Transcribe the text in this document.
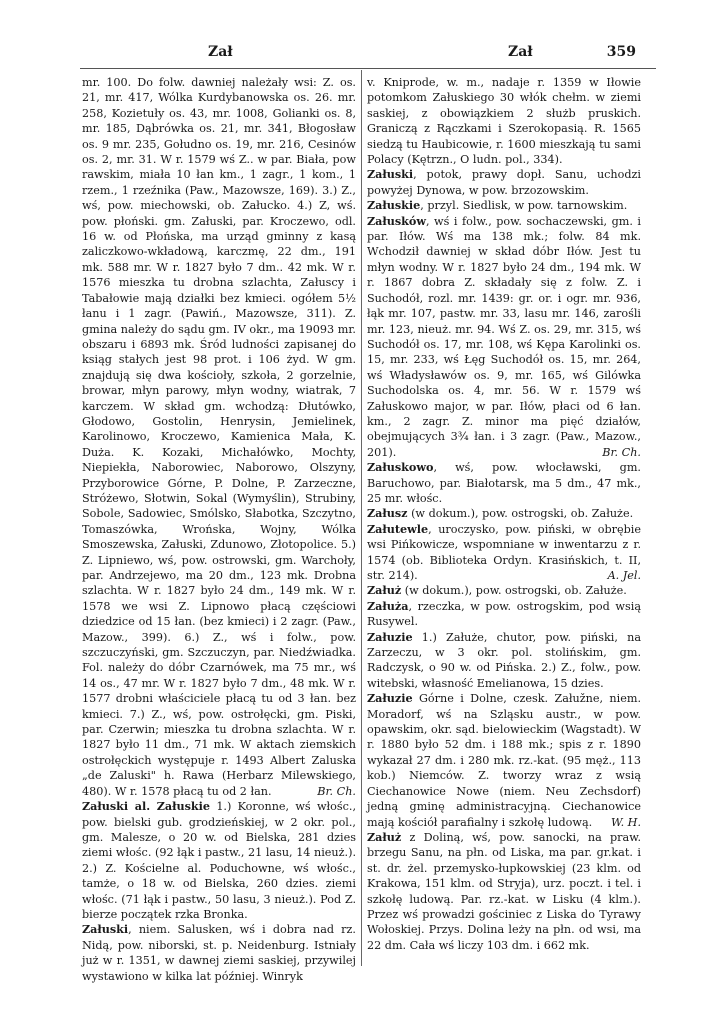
Zał	Zał	359

mr. 100. Do folw. dawniej należały wsi: Z. os. 21, mr. 417, Wólka Kurdybanowska os. 26. mr. 258, Kozietuły os. 43, mr. 1008, Golianki os. 8, mr. 185, Dąbrówka os. 21, mr. 341, Błogosław os. 9 mr. 235, Gołudno os. 19, mr. 216, Cesinów os. 2, mr. 31. W r. 1579 wś Z.. w par. Biała, pow rawskim, miała 10 łan km., 1 zagr., 1 kom., 1 rzem., 1 rzeźnika (Paw., Mazowsze, 169). 3.) Z., wś, pow. miechowski, ob. Załucko. 4.) Z, wś. pow. płoński. gm. Załuski, par. Kroczewo, odl. 16 w. od Płońska, ma urząd gminny z kasą zaliczkowo-wkładową, karczmę, 22 dm., 191 mk. 588 mr. W r. 1827 było 7 dm.. 42 mk. W r. 1576 mieszka tu drobna szlachta, Załuscy i Tabałowie mają działki bez kmieci. ogółem 5½ łanu i 1 zagr. (Pawiń., Mazowsze, 311). Z. gmina należy do sądu gm. IV okr., ma 19093 mr. obszaru i 6893 mk. Śród ludności zapisanej do ksiąg stałych jest 98 prot. i 106 żyd. W gm. znajdują się dwa kościoły, szkoła, 2 gorzelnie, browar, młyn parowy, młyn wodny, wiatrak, 7 karczem. W skład gm. wchodzą: Dłutówko, Głodowo, Gostolin, Henrysin, Jemielinek, Karolinowo, Kroczewo, Kamienica Mała, K. Duża. K. Kozaki, Michałówko, Mochty, Niepiekła, Naborowiec, Naborowo, Olszyny, Przyborowice Górne, P. Dolne, P. Zarzeczne, Stróżewo, Słotwin, Sokal (Wymyślin), Strubiny, Sobole, Sadowiec, Smólsko, Słabotka, Szczytno, Tomaszówka, Wrońska, Wojny, Wólka Smoszewska, Załuski, Zdunowo, Złotopolice. 5.) Z. Lipniewo, wś, pow. ostrowski, gm. Warchoły, par. Andrzejewo, ma 20 dm., 123 mk. Drobna szlachta. W r. 1827 było 24 dm., 149 mk. W r. 1578 we wsi Z. Lipnowo płacą częściowi dziedzice od 15 łan. (bez kmieci) i 2 zagr. (Paw., Mazow., 399). 6.) Z., wś i folw., pow. szczuczyński, gm. Szczuczyn, par. Niedźwiadka. Fol. należy do dóbr Czarnówek, ma 75 mr., wś 14 os., 47 mr. W r. 1827 było 7 dm., 48 mk. W r. 1577 drobni właściciele płacą tu od 3 łan. bez kmieci. 7.) Z., wś, pow. ostrołęcki, gm. Piski, par. Czerwin; mieszka tu drobna szlachta. W r. 1827 było 11 dm., 71 mk. W aktach ziemskich ostrołęckich występuje r. 1493 Albert Zaluska „de Zaluski" h. Rawa (Herbarz Milewskiego, 480). W r. 1578 płacą tu od 2 łan.	Br. Ch.

Załuski al. Załuskie 1.) Koronne, wś włośc., pow. bielski gub. grodzieńskiej, w 2 okr. pol., gm. Malesze, o 20 w. od Bielska, 281 dzies ziemi włośc. (92 łąk i pastw., 21 lasu, 14 nieuż.). 2.) Z. Kościelne al. Poduchowne, wś włośc., tamże, o 18 w. od Bielska, 260 dzies. ziemi włośc. (71 łąk i pastw., 50 lasu, 3 nieuż.). Pod Z. bierze początek rzka Bronka.

Załuski, niem. Salusken, wś i dobra nad rz. Nidą, pow. niborski, st. p. Neidenburg. Istniały już w r. 1351, w dawnej ziemi saskiej, przywilej wystawiono w kilka lat później. Winryk

v. Kniprode, w. m., nadaje r. 1359 w Iłowie potomkom Załuskiego 30 włók chełm. w ziemi saskiej, z obowiązkiem 2 służb pruskich. Graniczą z Rączkami i Szerokopasią. R. 1565 siedzą tu Haubicowie, r. 1600 mieszkają tu sami Polacy (Kętrzn., O ludn. pol., 334).

Załuski, potok, prawy dopł. Sanu, uchodzi powyżej Dynowa, w pow. brzozowskim.

Załuskie, przyl. Siedlisk, w pow. tarnowskim.

Załusków, wś i folw., pow. sochaczewski, gm. i par. Iłów. Wś ma 138 mk.; folw. 84 mk. Wchodził dawniej w skład dóbr Iłów. Jest tu młyn wodny. W r. 1827 było 24 dm., 194 mk. W r. 1867 dobra Z. składały się z folw. Z. i Suchodół, rozl. mr. 1439: gr. or. i ogr. mr. 936, łąk mr. 107, pastw. mr. 33, lasu mr. 146, zarośli mr. 123, nieuż. mr. 94. Wś Z. os. 29, mr. 315, wś Suchodół os. 17, mr. 108, wś Kępa Karolinki os. 15, mr. 233, wś Łęg Suchodół os. 15, mr. 264, wś Władysławów os. 9, mr. 165, wś Gilówka Suchodolska os. 4, mr. 56. W r. 1579 wś Załuskowo major, w par. Iłów, płaci od 6 łan. km., 2 zagr. Z. minor ma pięć działów, obejmujących 3¾ łan. i 3 zagr. (Paw., Mazow., 201).	Br. Ch.

Załuskowo, wś, pow. włocławski, gm. Baruchowo, par. Białotarsk, ma 5 dm., 47 mk., 25 mr. włośc.

Załusz (w dokum.), pow. ostrogski, ob. Załuże.

Załutewle, uroczysko, pow. piński, w obrębie wsi Pińkowicze, wspomniane w inwentarzu z r. 1574 (ob. Biblioteka Ordyn. Krasińskich, t. II, str. 214).	A. Jel.

Załuż (w dokum.), pow. ostrogski, ob. Załuże.

Załuża, rzeczka, w pow. ostrogskim, pod wsią Rusywel.

Załuzie 1.) Załuże, chutor, pow. piński, na Zarzeczu, w 3 okr. pol. stolińskim, gm. Radczysk, o 90 w. od Pińska. 2.) Z., folw., pow. witebski, własność Emelianowa, 15 dzies.

Załuzie Górne i Dolne, czesk. Załužne, niem. Moradorf, wś na Szląsku austr., w pow. opawskim, okr. sąd. bielowieckim (Wagstadt). W r. 1880 było 52 dm. i 188 mk.; spis z r. 1890 wykazał 27 dm. i 280 mk. rz.-kat. (95 męż., 113 kob.) Niemców. Z. tworzy wraz z wsią Ciechanowice Nowe (niem. Neu Zechsdorf) jedną gminę administracyjną. Ciechanowice mają kościół parafialny i szkołę ludową. W. H.

Załuż z Doliną, wś, pow. sanocki, na praw. brzegu Sanu, na płn. od Liska, ma par. gr.kat. i st. dr. żel. przemysko-łupkowskiej (23 klm. od Krakowa, 151 klm. od Stryja), urz. poczt. i tel. i szkołę ludową. Par. rz.-kat. w Lisku (4 klm.). Przez wś prowadzi gościniec z Liska do Tyrawy Wołoskiej. Przys. Dolina leży na płn. od wsi, ma 22 dm. Cała wś liczy 103 dm. i 662 mk.
